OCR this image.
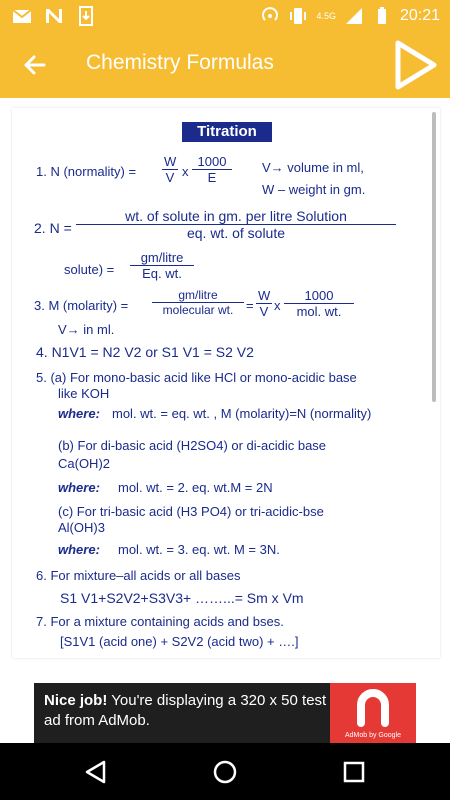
4.5G	20:21
Chemistry Formulas
Titration
1. N (normality) = $\frac{W}{V}$ x $\frac{1000}{E} V\to$ volume in ml,
W – weight in gm.
2. N =
wt. of solute in gm. per litre Solution
eq. wt. of solute
solute) =
gm/litre
Eq. wt.
3. M (molarity) =
gm/litre
molecular wt. = $\frac{W}{V}$ x
1000
mol. wt.
V→ in ml.
4. N1V1 = N2 V2 or S1 V1 = S2 V2
5. (a) For mono-basic acid like HCl or mono-acidic base
like KOH
where: mol. wt. = eq. wt. , M (molarity)=N (normality)
(b) For di-basic acid (H2SO4) or di-acidic base
Ca(OH)2
where: mol. wt. = 2. eq. wt.M = 2N
(c) For tri-basic acid (H3 PO4) or tri-acidic-bse
Al(OH)3
where: mol. wt. = 3. eq. wt. M = 3N.
6. For mixture–all acids or all bases
S1 V1+S2V2+S3V3+ ……...= Sm x Vm
7. For a mixture containing acids and bses.
[S1V1 (acid one) + S2V2 (acid two) + ….]
Nice job! You're displaying a 320 x 50 test ad from AdMob.
AdMob by Google
